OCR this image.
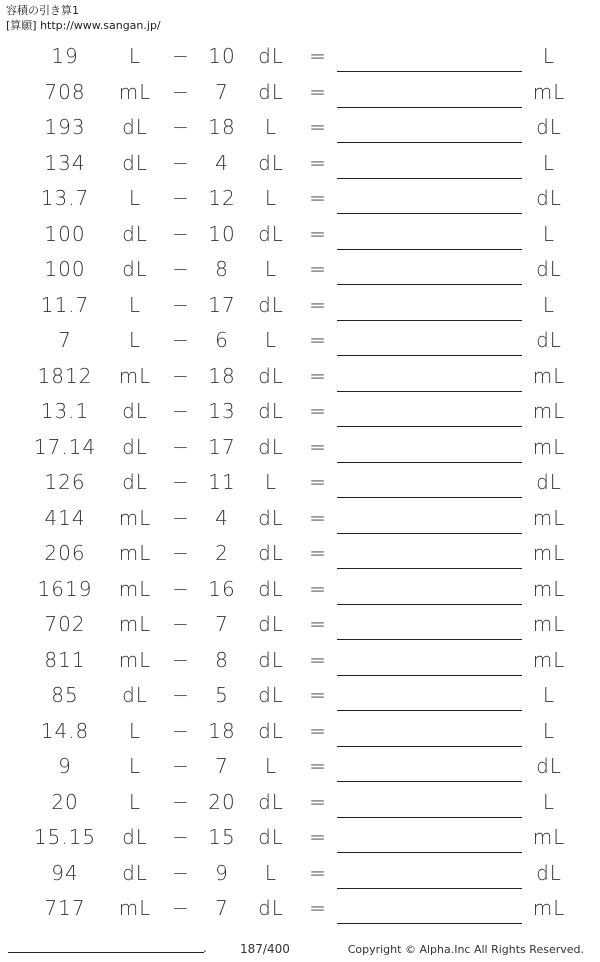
容積の引き算1
[算願] http://www.sangan.jp/
19	L	− 10	dL	=	L
708	mL	−	7	dL	=	mL
193	dL	− 18	L	=	dL
134	dL	−	4	dL	=	L
13.7	L	− 12	L	=	dL
100	dL	− 10	dL	=	L
100	dL	−	8	L	=	dL
11.7	L	− 17	dL	=	L
7	L	−	6	L	=	dL
1812	mL	− 18	dL	=	mL
13.1	dL	− 13	dL	=	mL
17.14	dL	− 17	dL	=	mL
126	dL	− 11	L	=	dL
414	mL	−	4	dL	=	mL
206	mL	−	2	dL	=	mL
1619	mL	− 16	dL	=	mL
702	mL	−	7	dL	=	mL
811	mL	−	8	dL	=	mL
85	dL	−	5	dL	=	L
14.8	L	− 18	dL	=	L
9	L	−	7	L	=	dL
20	L	− 20	dL	=	L
15.15	dL	− 15	dL	=	mL
94	dL	−	9	L	=	dL
717	mL	−	7	dL	=	mL
.	187/400	Copyright © Alpha.Inc All Rights Reserved.
